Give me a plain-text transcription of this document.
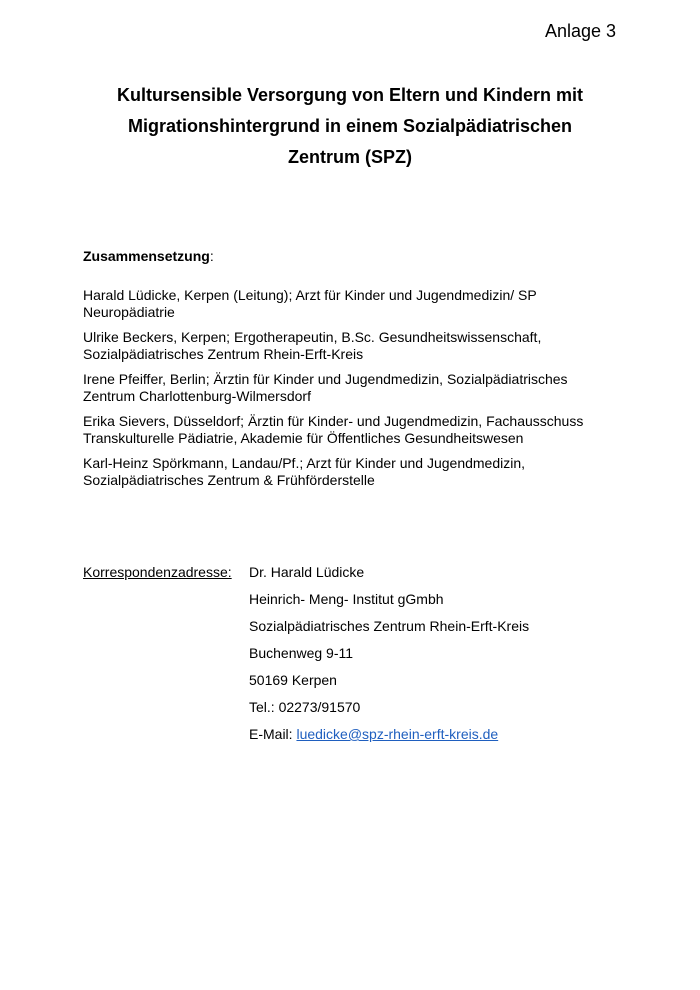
Anlage 3
Kultursensible Versorgung von Eltern und Kindern mit
Migrationshintergrund in einem Sozialpädiatrischen
Zentrum (SPZ)
Zusammensetzung:
Harald Lüdicke, Kerpen (Leitung); Arzt für Kinder und Jugendmedizin/ SP
Neuropädiatrie
Ulrike Beckers, Kerpen; Ergotherapeutin, B.Sc. Gesundheitswissenschaft,
Sozialpädiatrisches Zentrum Rhein-Erft-Kreis
Irene Pfeiffer, Berlin; Ärztin für Kinder und Jugendmedizin, Sozialpädiatrisches
Zentrum Charlottenburg-Wilmersdorf
Erika Sievers, Düsseldorf; Ärztin für Kinder- und Jugendmedizin, Fachausschuss
Transkulturelle Pädiatrie, Akademie für Öffentliches Gesundheitswesen
Karl-Heinz Spörkmann, Landau/Pf.; Arzt für Kinder und Jugendmedizin,
Sozialpädiatrisches Zentrum & Frühförderstelle
Korrespondenzadresse: Dr. Harald Lüdicke
Heinrich- Meng- Institut gGmbh
Sozialpädiatrisches Zentrum Rhein-Erft-Kreis
Buchenweg 9-11
50169 Kerpen
Tel.: 02273/91570
E-Mail: luedicke@spz-rhein-erft-kreis.de
